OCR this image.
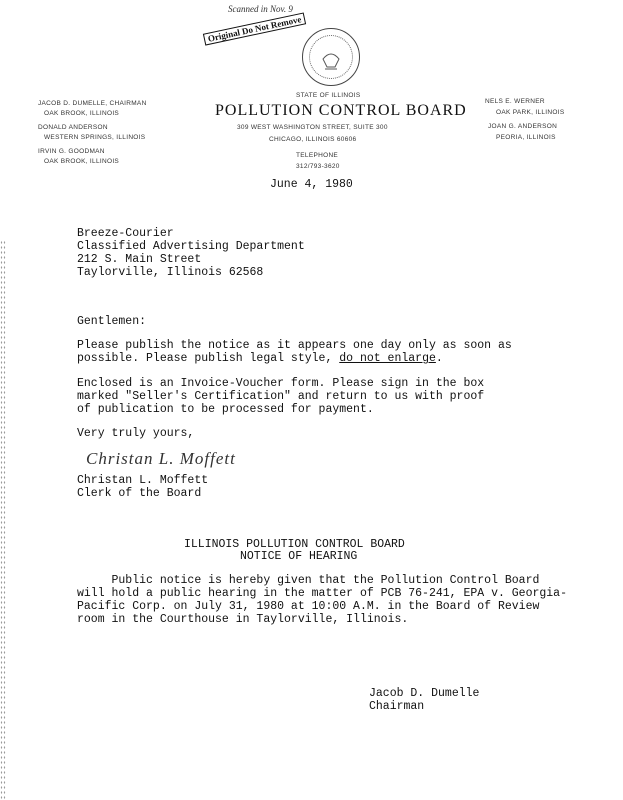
Scanned in Nov. 9
Original Do Not Remove
STATE OF ILLINOIS
POLLUTION CONTROL BOARD
309 WEST WASHINGTON STREET, SUITE 300
CHICAGO, ILLINOIS 60606
TELEPHONE
312/793-3620
JACOB D. DUMELLE, CHAIRMAN
OAK BROOK, ILLINOIS
DONALD ANDERSON
WESTERN SPRINGS, ILLINOIS
IRVIN G. GOODMAN
OAK BROOK, ILLINOIS
NELS E. WERNER
OAK PARK, ILLINOIS
JOAN G. ANDERSON
PEORIA, ILLINOIS
June 4, 1980
Breeze-Courier
Classified Advertising Department
212 S. Main Street
Taylorville, Illinois 62568
Gentlemen:
Please publish the notice as it appears one day only as soon as
possible. Please publish legal style, do not enlarge.
Enclosed is an Invoice-Voucher form. Please sign in the box
marked "Seller's Certification" and return to us with proof
of publication to be processed for payment.
Very truly yours,
Christan L. Moffett
Christan L. Moffett
Clerk of the Board
ILLINOIS POLLUTION CONTROL BOARD
NOTICE OF HEARING
Public notice is hereby given that the Pollution Control Board
will hold a public hearing in the matter of PCB 76-241, EPA v. Georgia-
Pacific Corp. on July 31, 1980 at 10:00 A.M. in the Board of Review
room in the Courthouse in Taylorville, Illinois.
Jacob D. Dumelle
Chairman
